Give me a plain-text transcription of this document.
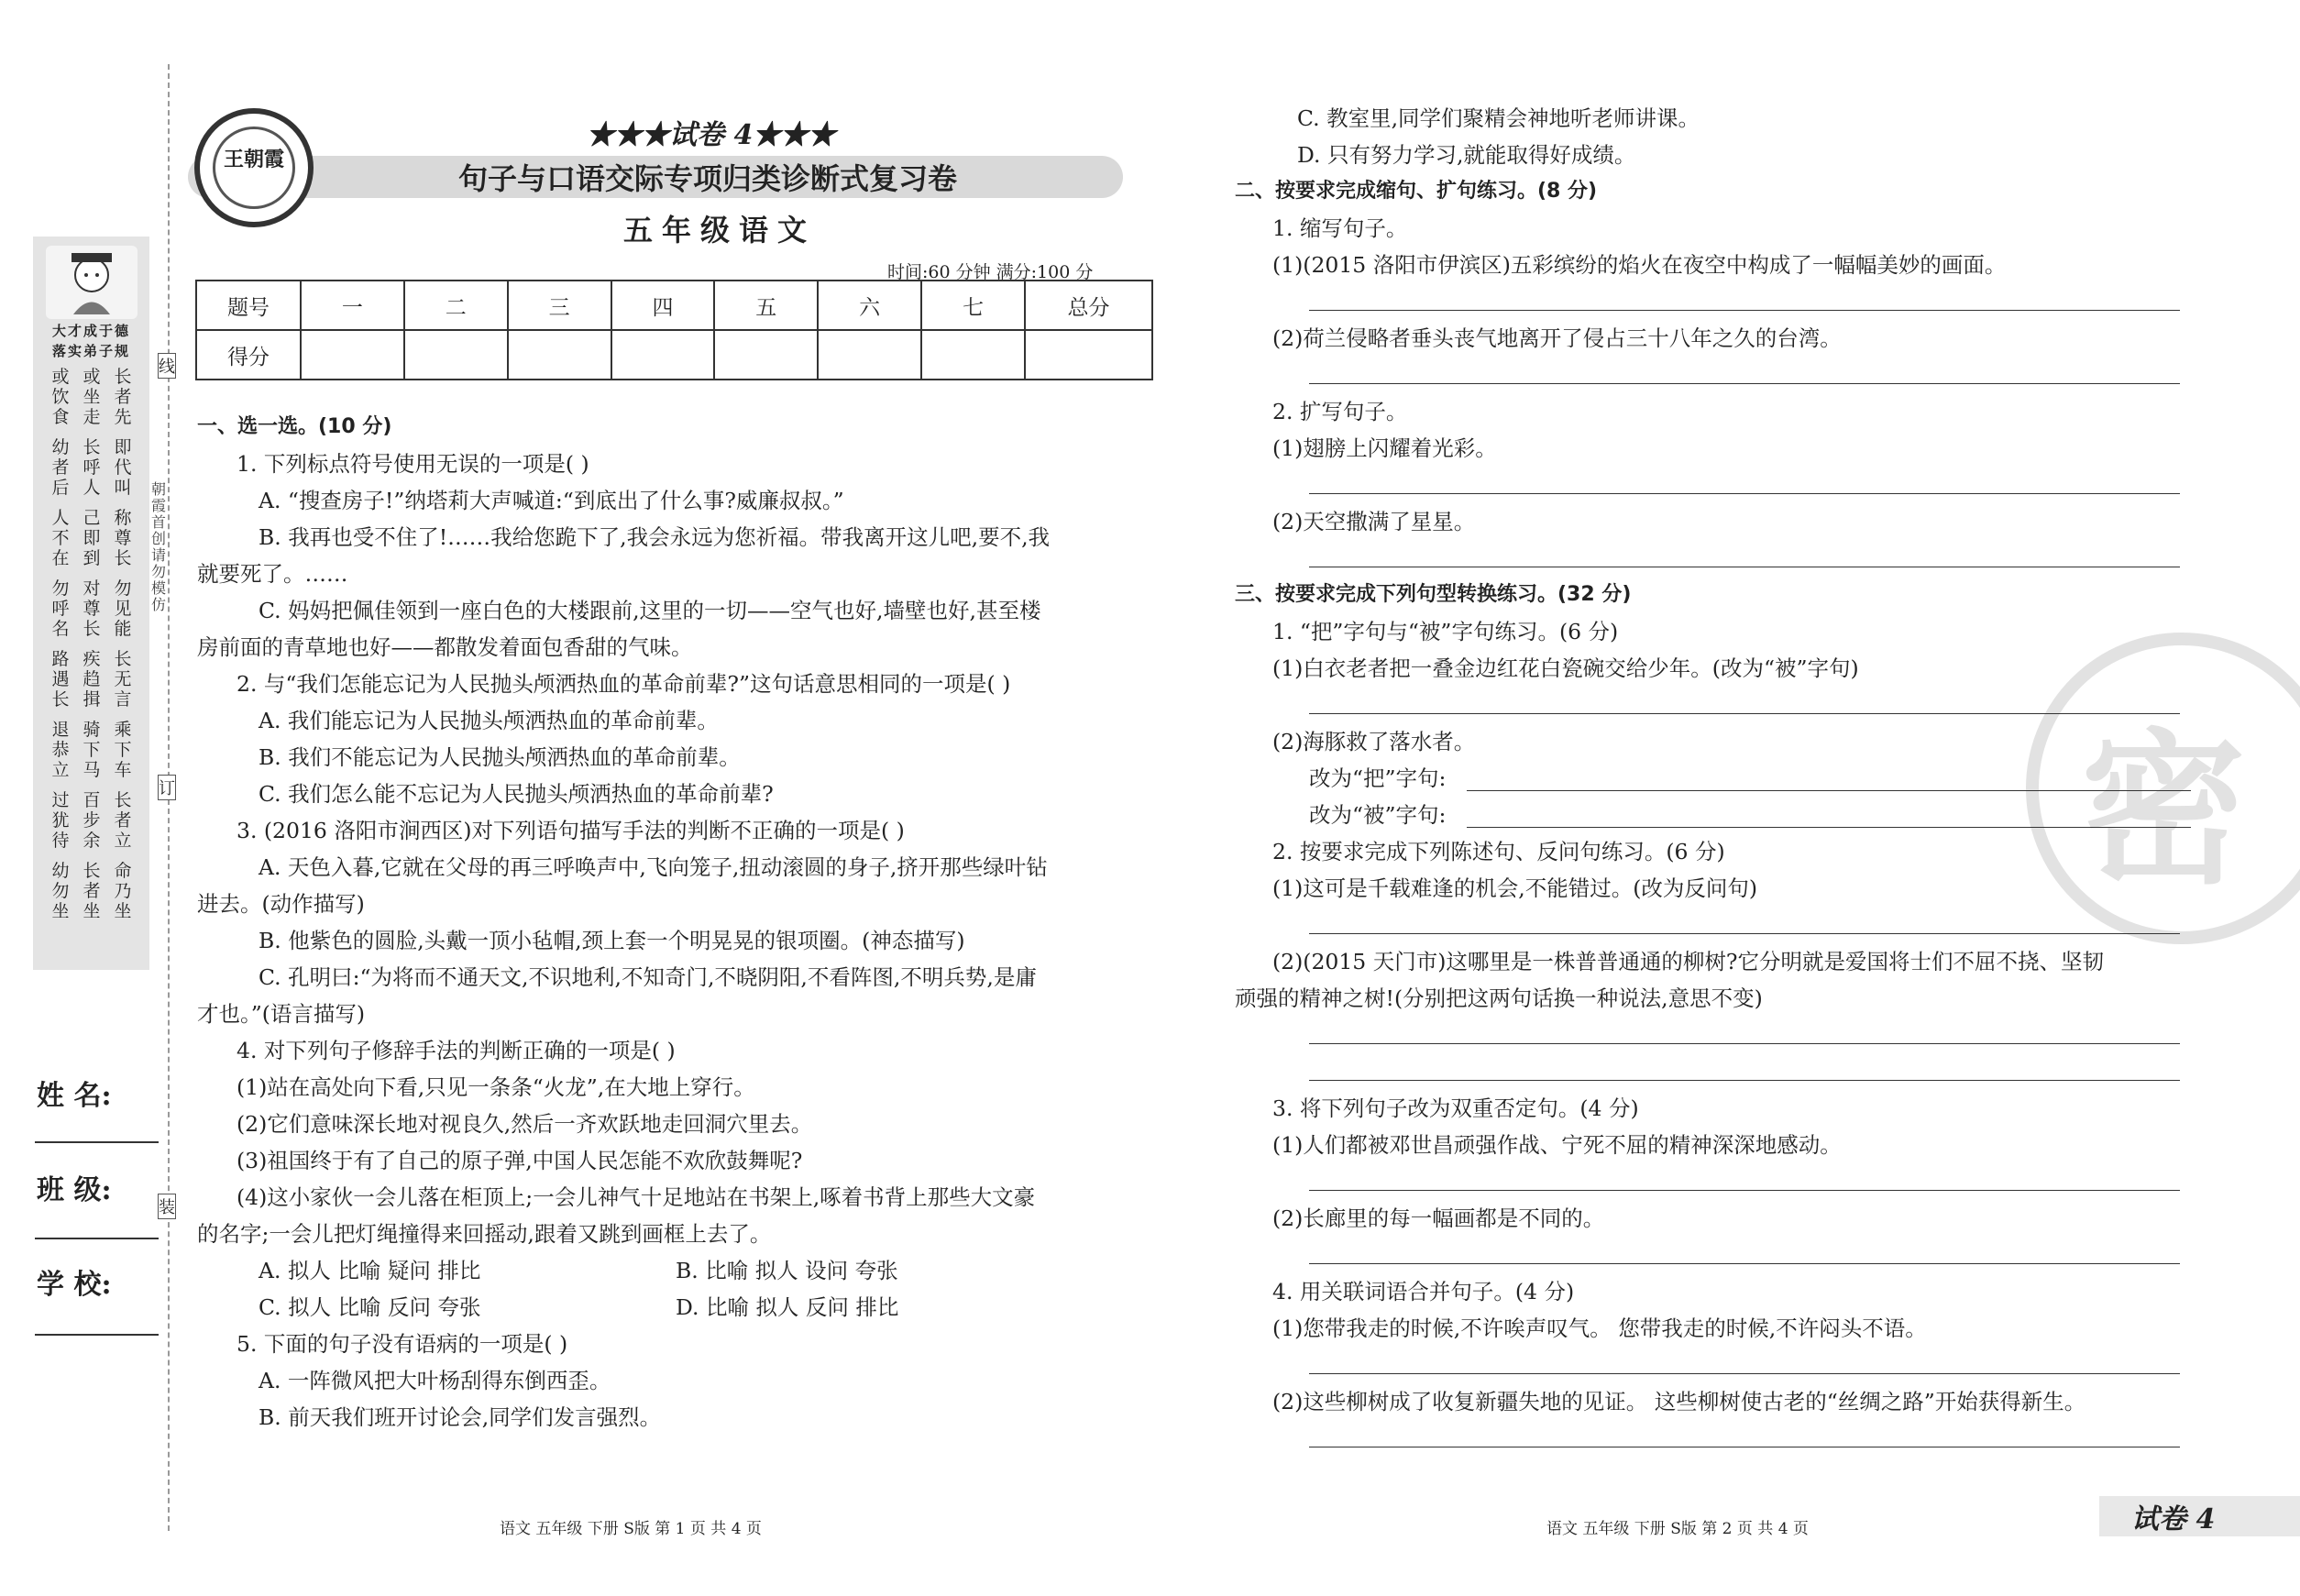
大才成于德
落实弟子规
或饮食
或坐走
长者先
幼者后
长呼人
即代叫
人不在
己即到
称尊长
勿呼名
对尊长
勿见能
路遇长
疾趋揖
长无言
退恭立
骑下马
乘下车
过犹待
百步余
长者立
幼勿坐
长者坐
命乃坐
朝霞首创 请勿模仿
线
订
装
姓 名:
班 级:
学 校:
王朝霞
★★★试卷 4★★★
句子与口语交际专项归类诊断式复习卷
五年级语文
时间:60 分钟 满分:100 分
题号	一	二	三	四	五	六	七	总分
得分								
一、选一选。(10 分)
1. 下列标点符号使用无误的一项是( )
A. “搜查房子!”纳塔莉大声喊道:“到底出了什么事?威廉叔叔。”
B. 我再也受不住了!……我给您跪下了,我会永远为您祈福。带我离开这儿吧,要不,我
就要死了。……
C. 妈妈把佩佳领到一座白色的大楼跟前,这里的一切——空气也好,墙壁也好,甚至楼
房前面的青草地也好——都散发着面包香甜的气味。
2. 与“我们怎能忘记为人民抛头颅洒热血的革命前辈?”这句话意思相同的一项是( )
A. 我们能忘记为人民抛头颅洒热血的革命前辈。
B. 我们不能忘记为人民抛头颅洒热血的革命前辈。
C. 我们怎么能不忘记为人民抛头颅洒热血的革命前辈?
3. (2016 洛阳市涧西区)对下列语句描写手法的判断不正确的一项是( )
A. 天色入暮,它就在父母的再三呼唤声中,飞向笼子,扭动滚圆的身子,挤开那些绿叶钻
进去。(动作描写)
B. 他紫色的圆脸,头戴一顶小毡帽,颈上套一个明晃晃的银项圈。(神态描写)
C. 孔明曰:“为将而不通天文,不识地利,不知奇门,不晓阴阳,不看阵图,不明兵势,是庸
才也。”(语言描写)
4. 对下列句子修辞手法的判断正确的一项是( )
(1)站在高处向下看,只见一条条“火龙”,在大地上穿行。
(2)它们意味深长地对视良久,然后一齐欢跃地走回洞穴里去。
(3)祖国终于有了自己的原子弹,中国人民怎能不欢欣鼓舞呢?
(4)这小家伙一会儿落在柜顶上;一会儿神气十足地站在书架上,啄着书背上那些大文豪
的名字;一会儿把灯绳撞得来回摇动,跟着又跳到画框上去了。
A. 拟人 比喻 疑问 排比	B. 比喻 拟人 设问 夸张
C. 拟人 比喻 反问 夸张	D. 比喻 拟人 反问 排比
5. 下面的句子没有语病的一项是( )
A. 一阵微风把大叶杨刮得东倒西歪。
B. 前天我们班开讨论会,同学们发言强烈。
密
C. 教室里,同学们聚精会神地听老师讲课。
D. 只有努力学习,就能取得好成绩。
二、按要求完成缩句、扩句练习。(8 分)
1. 缩写句子。
(1)(2015 洛阳市伊滨区)五彩缤纷的焰火在夜空中构成了一幅幅美妙的画面。
(2)荷兰侵略者垂头丧气地离开了侵占三十八年之久的台湾。
2. 扩写句子。
(1)翅膀上闪耀着光彩。
(2)天空撒满了星星。
三、按要求完成下列句型转换练习。(32 分)
1. “把”字句与“被”字句练习。(6 分)
(1)白衣老者把一叠金边红花白瓷碗交给少年。(改为“被”字句)
(2)海豚救了落水者。
改为“把”字句:
改为“被”字句:
2. 按要求完成下列陈述句、反问句练习。(6 分)
(1)这可是千载难逢的机会,不能错过。(改为反问句)
(2)(2015 天门市)这哪里是一株普普通通的柳树?它分明就是爱国将士们不屈不挠、坚韧
顽强的精神之树!(分别把这两句话换一种说法,意思不变)
3. 将下列句子改为双重否定句。(4 分)
(1)人们都被邓世昌顽强作战、宁死不屈的精神深深地感动。
(2)长廊里的每一幅画都是不同的。
4. 用关联词语合并句子。(4 分)
(1)您带我走的时候,不许唉声叹气。 您带我走的时候,不许闷头不语。
(2)这些柳树成了收复新疆失地的见证。 这些柳树使古老的“丝绸之路”开始获得新生。
语文 五年级 下册 S版 第 1 页 共 4 页	语文 五年级 下册 S版 第 2 页 共 4 页	试卷 4
